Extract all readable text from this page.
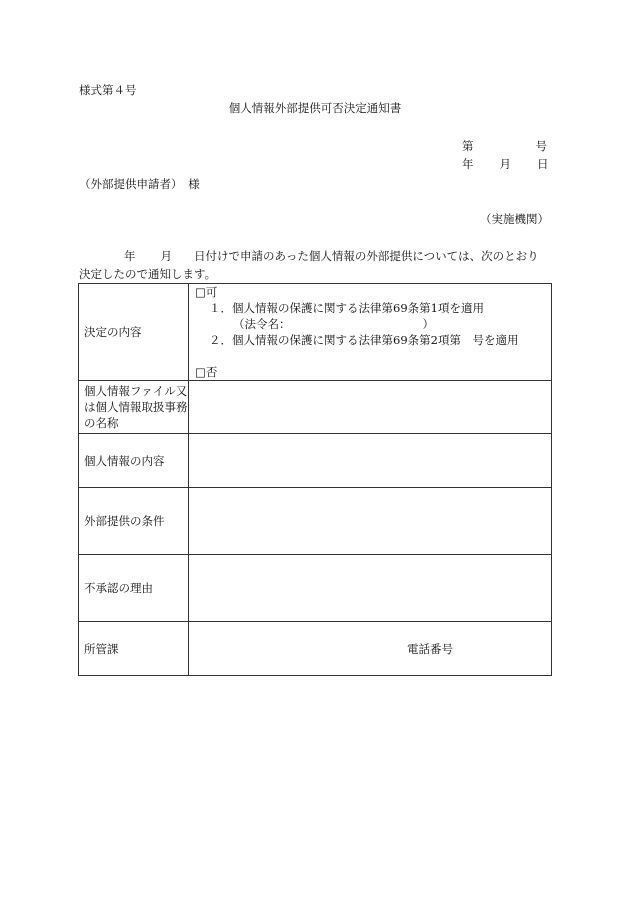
様式第４号
個人情報外部提供可否決定通知書
第	号
年 月 日
（外部提供申請者）　様
（実施機関）
年 月 日付けで申請のあった個人情報の外部提供については、次のとおり
決定したので通知します。
決定の内容	□可
１．個人情報の保護に関する法律第69条第1項を適用
（法令名： ）
２．個人情報の保護に関する法律第69条第2項第　号を適用
□否

個人情報ファイル又は個人情報取扱事務の名称	
個人情報の内容	
外部提供の条件	
不承認の理由	
所管課	電話番号
